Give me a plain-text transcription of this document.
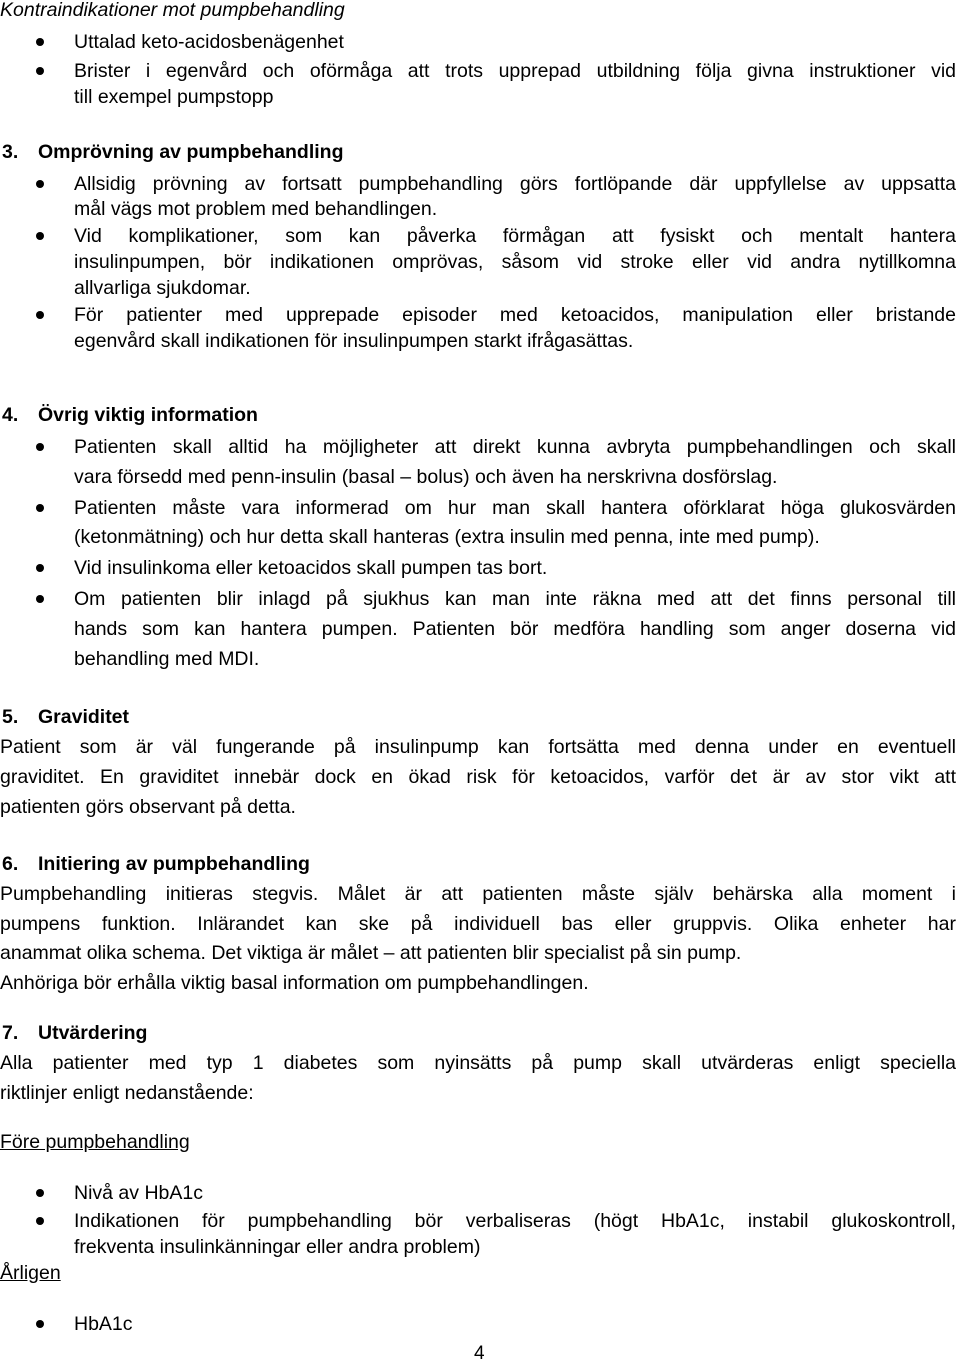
Kontraindikationer mot pumpbehandling
Uttalad keto-acidosbenägenhet
Brister i egenvård och oförmåga att trots upprepad utbildning följa givna instruktioner vid
till exempel pumpstopp
3. Omprövning av pumpbehandling
Allsidig prövning av fortsatt pumpbehandling görs fortlöpande där uppfyllelse av uppsatta
mål vägs mot problem med behandlingen.
Vid komplikationer, som kan påverka förmågan att fysiskt och mentalt hantera
insulinpumpen, bör indikationen omprövas, såsom vid stroke eller vid andra nytillkomna
allvarliga sjukdomar.
För patienter med upprepade episoder med ketoacidos, manipulation eller bristande
egenvård skall indikationen för insulinpumpen starkt ifrågasättas.
4. Övrig viktig information
Patienten skall alltid ha möjligheter att direkt kunna avbryta pumpbehandlingen och skall
vara försedd med penn-insulin (basal – bolus) och även ha nerskrivna dosförslag.
Patienten måste vara informerad om hur man skall hantera oförklarat höga glukosvärden
(ketonmätning) och hur detta skall hanteras (extra insulin med penna, inte med pump).
Vid insulinkoma eller ketoacidos skall pumpen tas bort.
Om patienten blir inlagd på sjukhus kan man inte räkna med att det finns personal till
hands som kan hantera pumpen. Patienten bör medföra handling som anger doserna vid
behandling med MDI.
5. Graviditet
Patient som är väl fungerande på insulinpump kan fortsätta med denna under en eventuell
graviditet. En graviditet innebär dock en ökad risk för ketoacidos, varför det är av stor vikt att
patienten görs observant på detta.
6. Initiering av pumpbehandling
Pumpbehandling initieras stegvis. Målet är att patienten måste själv behärska alla moment i
pumpens funktion. Inlärandet kan ske på individuell bas eller gruppvis. Olika enheter har
anammat olika schema. Det viktiga är målet – att patienten blir specialist på sin pump.
Anhöriga bör erhålla viktig basal information om pumpbehandlingen.
7. Utvärdering
Alla patienter med typ 1 diabetes som nyinsätts på pump skall utvärderas enligt speciella
riktlinjer enligt nedanstående:
Före pumpbehandling
Nivå av HbA1c
Indikationen för pumpbehandling bör verbaliseras (högt HbA1c, instabil glukoskontroll,
frekventa insulinkänningar eller andra problem)
Årligen
HbA1c
4
